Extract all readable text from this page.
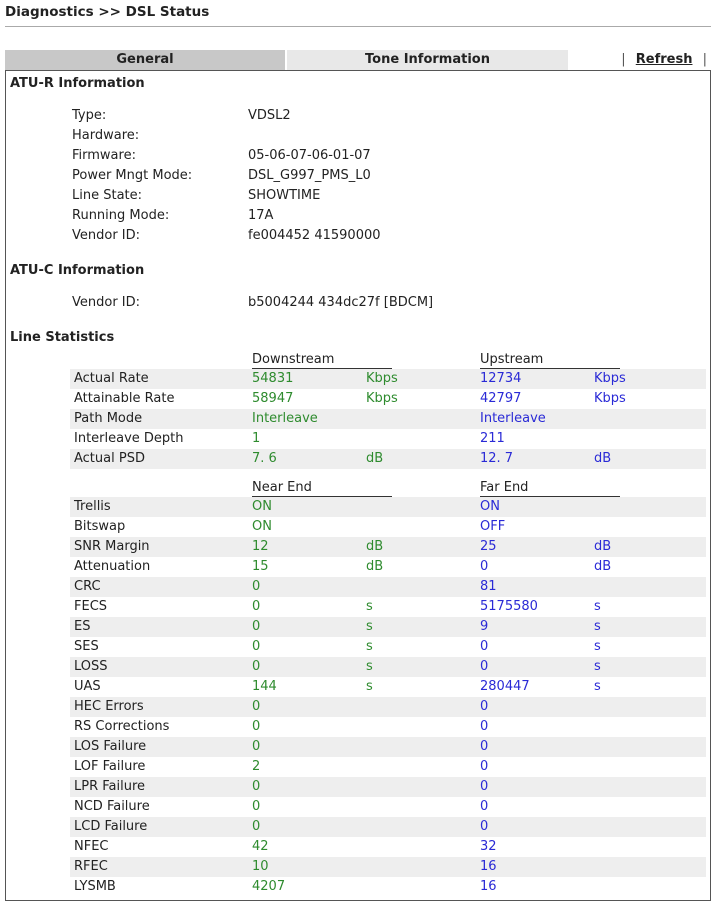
Diagnostics >> DSL Status
General	Tone Information	| Refresh |
ATU-R Information
Type:	VDSL2
Hardware:
Firmware:	05-06-07-06-01-07
Power Mngt Mode:	DSL_G997_PMS_L0
Line State:	SHOWTIME
Running Mode:	17A
Vendor ID:	fe004452 41590000
ATU-C Information
Vendor ID:	b5004244 434dc27f [BDCM]
Line Statistics
Downstream	Upstream
Actual Rate	54831	Kbps	12734	Kbps
Attainable Rate	58947	Kbps	42797	Kbps
Path Mode	Interleave	Interleave
Interleave Depth	1	211
Actual PSD	7. 6	dB	12. 7	dB
Near End	Far End
Trellis	ON	ON
Bitswap	ON	OFF
SNR Margin	12	dB	25	dB
Attenuation	15	dB	0	dB
CRC	0	81
FECS	0	s	5175580	s
ES	0	s	9	s
SES	0	s	0	s
LOSS	0	s	0	s
UAS	144	s	280447	s
HEC Errors	0	0
RS Corrections	0	0
LOS Failure	0	0
LOF Failure	2	0
LPR Failure	0	0
NCD Failure	0	0
LCD Failure	0	0
NFEC	42	32
RFEC	10	16
LYSMB	4207	16
